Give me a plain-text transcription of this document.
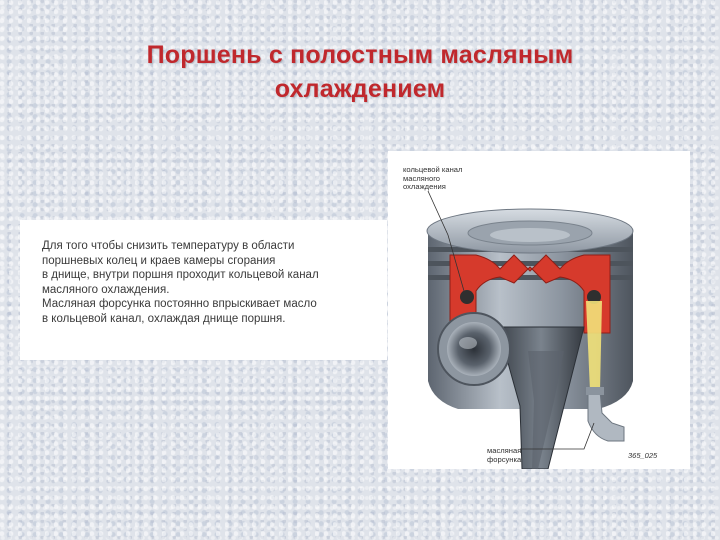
Поршень с полостным масляным
охлаждением

Для того чтобы снизить температуру в области
поршневых колец и краев камеры сгорания
в днище, внутри поршня проходит кольцевой канал
масляного охлаждения.
Масляная форсунка постоянно впрыскивает масло
в кольцевой канал, охлаждая днище поршня.

кольцевой канал
масляного
охлаждения
масляная
форсунка	365_025
